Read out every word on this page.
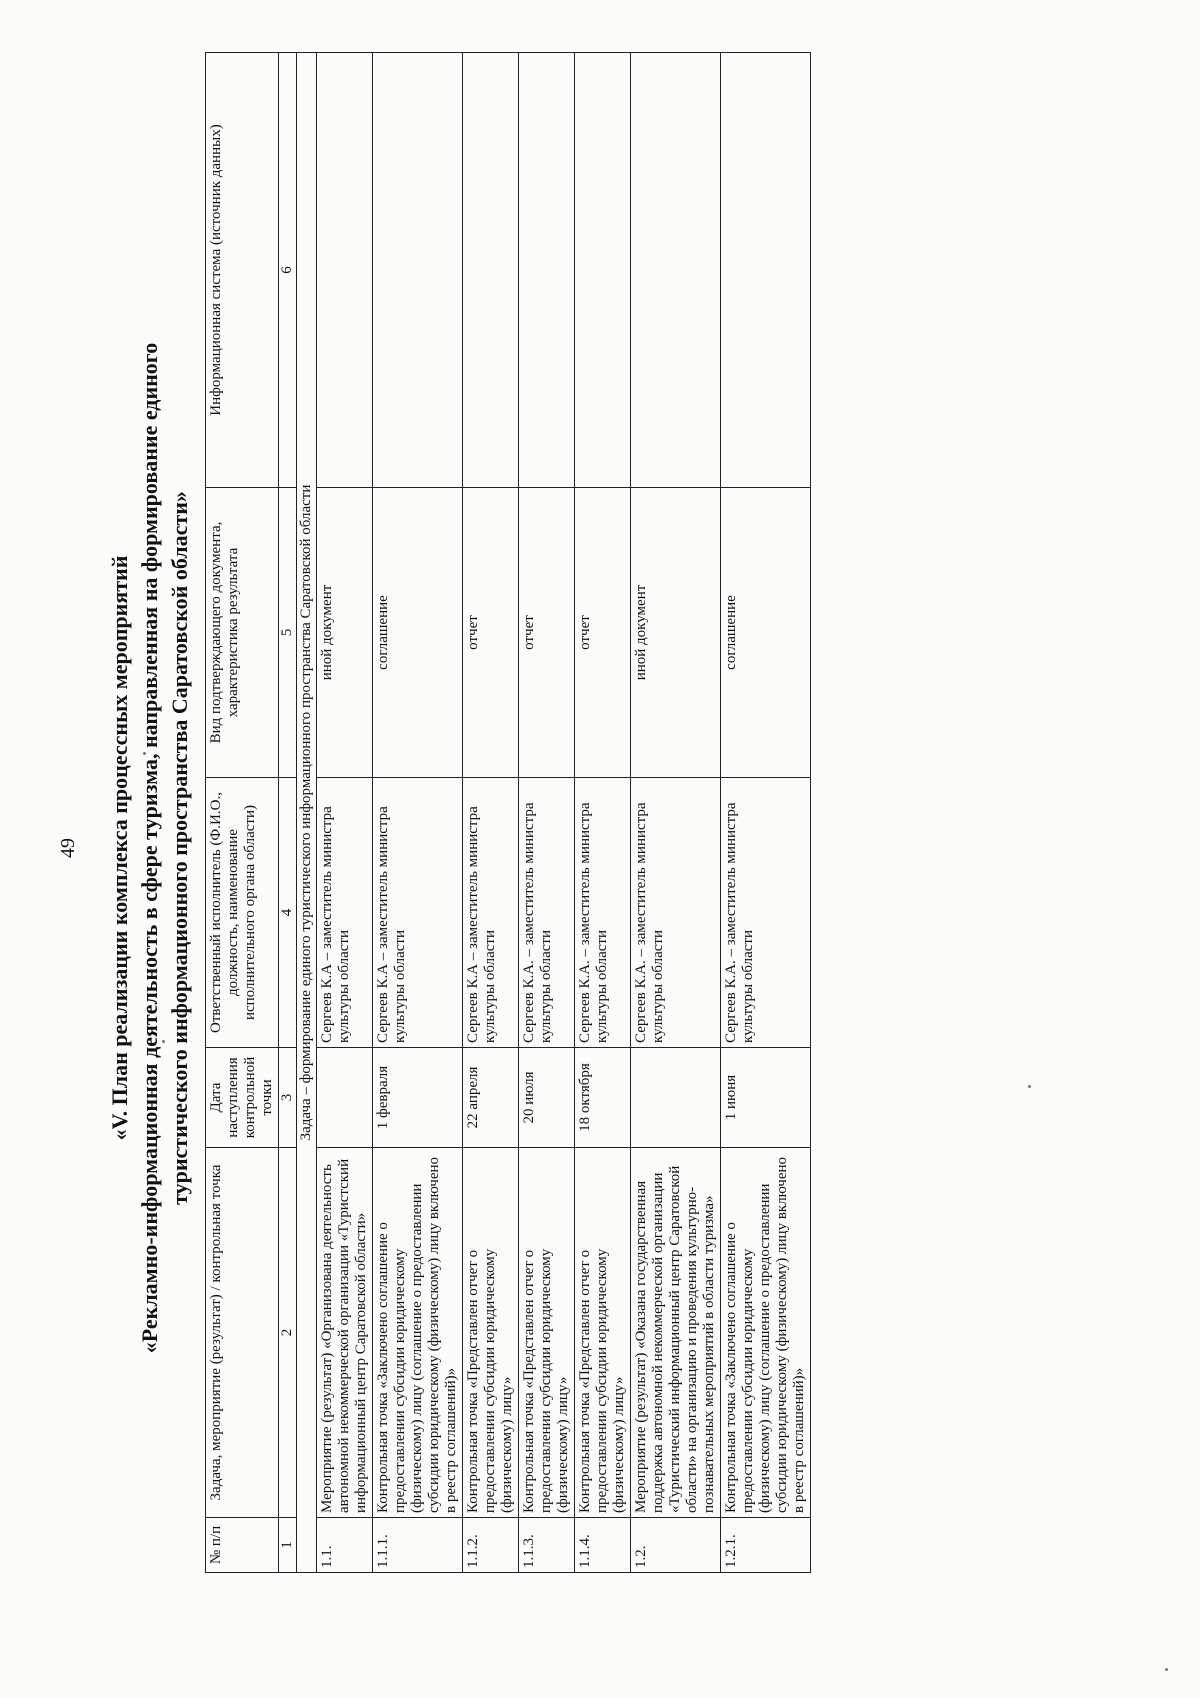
49 «V. План реализации комплекса процессных мероприятий «Рекламно-информационная деятельность в сфере туризма, направленная на формирование единого туристического информационного пространства Саратовской области»
№ п/п	Задача, мероприятие (результат) / контрольная точка	Дата наступления контрольной точки	Ответственный исполнитель (Ф.И.О., должность, наименование исполнительного органа области)	Вид подтверждающего документа, характеристика результата	Информационная система (источник данных)
1	2	3	4	5	6
Задача – формирование единого туристического информационного пространства Саратовской области					
1.1.	Мероприятие (результат) «Организована деятельность автономной некоммерческой организации «Туристский информационный центр Саратовской области»		Сергеев К.А – заместитель министра культуры области	иной документ	
1.1.1.	Контрольная точка «Заключено соглашение о предоставлении субсидии юридическому (физическому) лицу (соглашение о предоставлении субсидии юридическому (физическому) лицу включено в реестр соглашений)»	1 февраля	Сергеев К.А – заместитель министра культуры области	соглашение	
1.1.2.	Контрольная точка «Представлен отчет о предоставлении субсидии юридическому (физическому) лицу»	22 апреля	Сергеев К.А – заместитель министра культуры области	отчет	
1.1.3.	Контрольная точка «Представлен отчет о предоставлении субсидии юридическому (физическому) лицу»	20 июля	Сергеев К.А. – заместитель министра культуры области	отчет	
1.1.4.	Контрольная точка «Представлен отчет о предоставлении субсидии юридическому (физическому) лицу»	18 октября	Сергеев К.А. – заместитель министра культуры области	отчет	
1.2.	Мероприятие (результат) «Оказана государственная поддержка автономной некоммерческой организации «Туристический информационный центр Саратовской области» на организацию и проведения культурно-познавательных мероприятий в области туризма»		Сергеев К.А. – заместитель министра культуры области	иной документ	
1.2.1.	Контрольная точка «Заключено соглашение о предоставлении субсидии юридическому (физическому) лицу (соглашение о предоставлении субсидии юридическому (физическому) лицу включено в реестр соглашений)»	1 июня	Сергеев К.А. – заместитель министра культуры области	соглашение	
